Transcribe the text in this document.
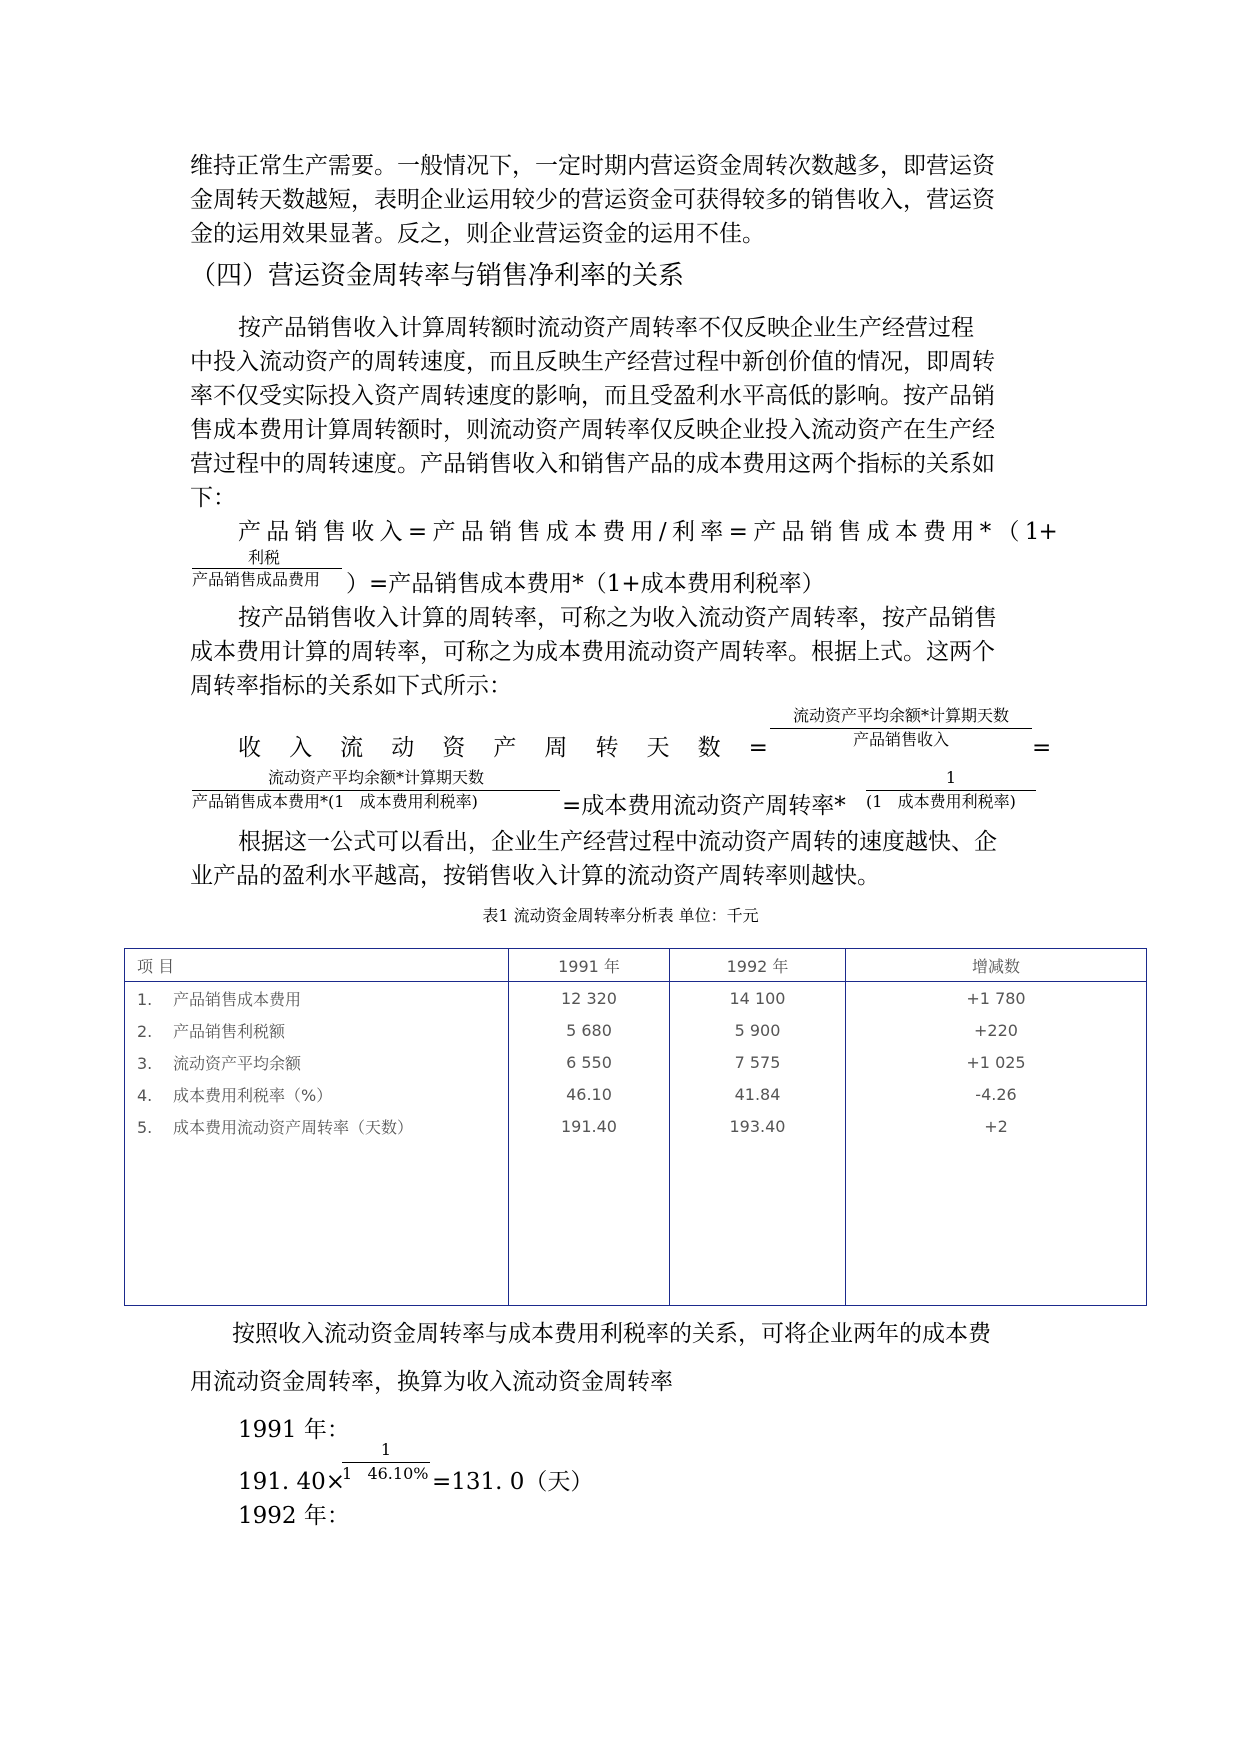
维持正常生产需要。一般情况下，一定时期内营运资金周转次数越多，即营运资
金周转天数越短，表明企业运用较少的营运资金可获得较多的销售收入，营运资
金的运用效果显著。反之，则企业营运资金的运用不佳。
（四）营运资金周转率与销售净利率的关系
按产品销售收入计算周转额时流动资产周转率不仅反映企业生产经营过程
中投入流动资产的周转速度，而且反映生产经营过程中新创价值的情况，即周转
率不仅受实际投入资产周转速度的影响，而且受盈利水平高低的影响。按产品销
售成本费用计算周转额时，则流动资产周转率仅反映企业投入流动资产在生产经
营过程中的周转速度。产品销售收入和销售产品的成本费用这两个指标的关系如
下：
产 品 销 售 收 入 = 产 品 销 售 成 本 费 用 / 利 率 = 产 品 销 售 成 本 费 用 * （ 1+
利税
产品销售成品费用 ）=产品销售成本费用*（1+成本费用利税率）
按产品销售收入计算的周转率，可称之为收入流动资产周转率，按产品销售
成本费用计算的周转率，可称之为成本费用流动资产周转率。根据上式。这两个
周转率指标的关系如下式所示：
流动资产平均余额*计算期天数
产品销售收入
收 入 流 动 资 产 周 转 天 数 =	=
流动资产平均余额*计算期天数
产品销售成本费用*(1   成本费用利税率)	=成本费用流动资产周转率*
1
(1   成本费用利税率)
根据这一公式可以看出，企业生产经营过程中流动资产周转的速度越快、企
业产品的盈利水平越高，按销售收入计算的流动资产周转率则越快。
表1 流动资金周转率分析表 单位：千元
项 目	1991 年	1992 年	增减数
1. 产品销售成本费用	12 320	14 100	+1 780
2. 产品销售利税额	5 680	5 900	+220
3. 流动资产平均余额	6 550	7 575	+1 025
4. 成本费用利税率（%）	46.10	41.84	-4.26
5. 成本费用流动资产周转率（天数）	191.40	193.40	+2

按照收入流动资金周转率与成本费用利税率的关系，可将企业两年的成本费
用流动资金周转率，换算为收入流动资金周转率
1991 年：
1
1   46.10%
191. 40×	=131. 0（天）
1992 年：
